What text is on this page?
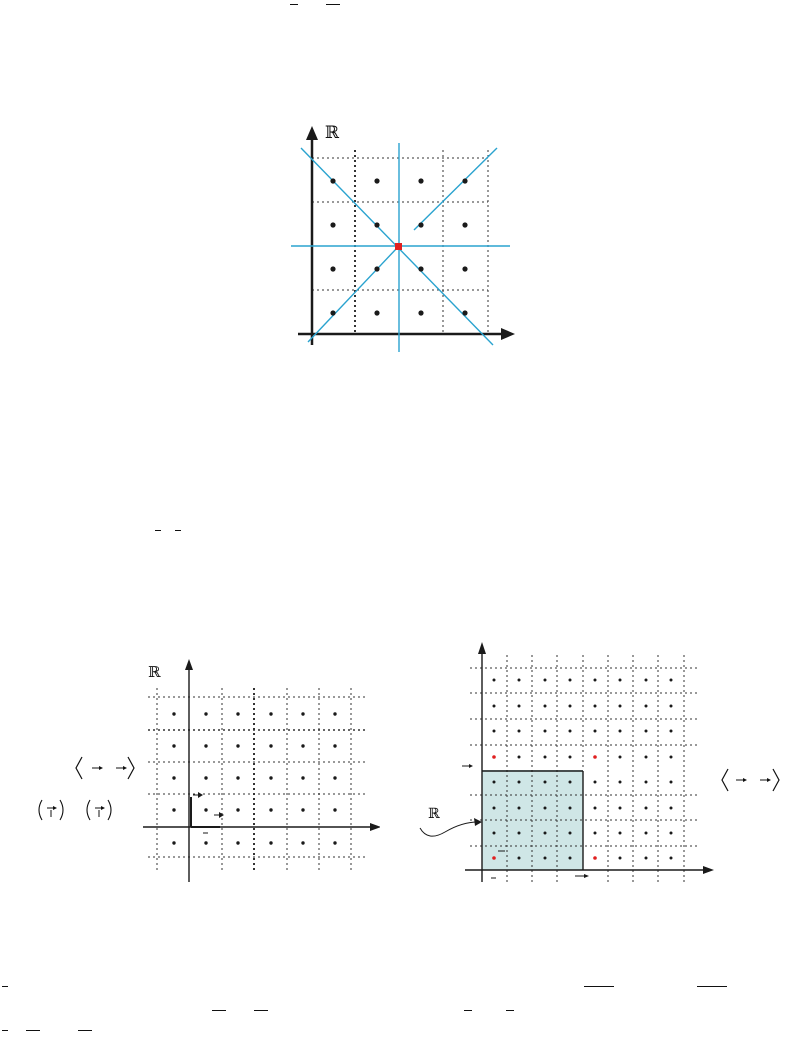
ℝ
ℝ
ℝ
